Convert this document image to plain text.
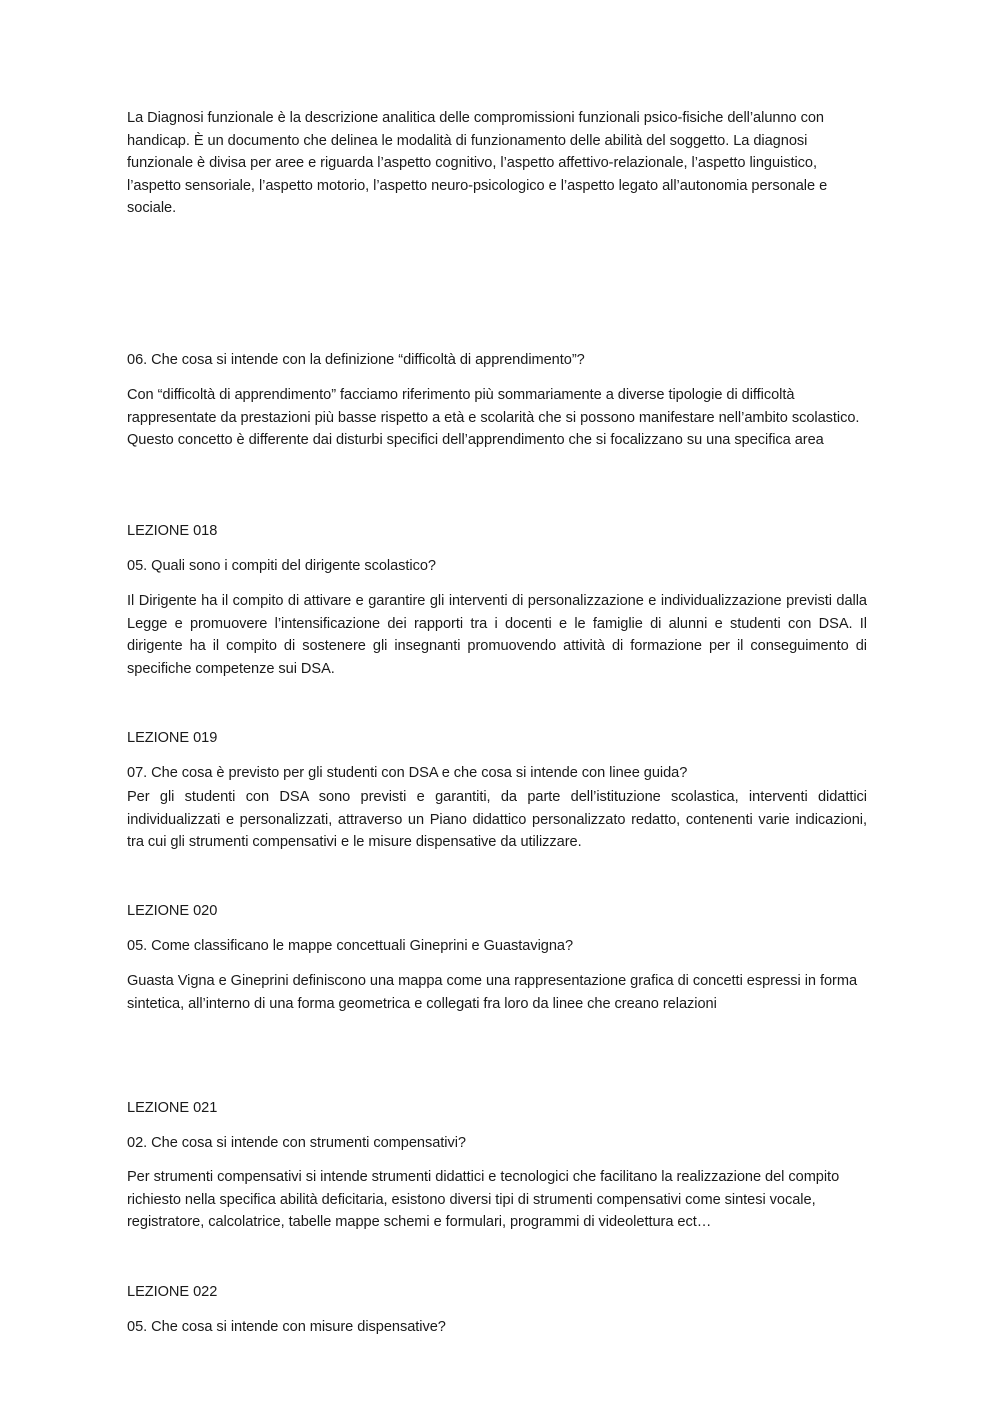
La Diagnosi funzionale è la descrizione analitica delle compromissioni funzionali psico-fisiche dell’alunno con handicap. È un documento che delinea le modalità di funzionamento delle abilità del soggetto. La diagnosi funzionale è divisa per aree e riguarda l’aspetto cognitivo, l’aspetto affettivo-relazionale, l’aspetto linguistico, l’aspetto sensoriale, l’aspetto motorio, l’aspetto neuro-psicologico e l’aspetto legato all’autonomia personale e sociale.

06. Che cosa si intende con la definizione “difficoltà di apprendimento”?

Con “difficoltà di apprendimento” facciamo riferimento più sommariamente a diverse tipologie di difficoltà rappresentate da prestazioni più basse rispetto a età e scolarità che si possono manifestare nell’ambito scolastico. Questo concetto è differente dai disturbi specifici dell’apprendimento che si focalizzano su una specifica area

LEZIONE 018

05. Quali sono i compiti del dirigente scolastico?

Il Dirigente ha il compito di attivare e garantire gli interventi di personalizzazione e individualizzazione previsti dalla Legge e promuovere l’intensificazione dei rapporti tra i docenti e le famiglie di alunni e studenti con DSA. Il dirigente ha il compito di sostenere gli insegnanti promuovendo attività di formazione per il conseguimento di specifiche competenze sui DSA.

LEZIONE 019

07. Che cosa è previsto per gli studenti con DSA e che cosa si intende con linee guida?

Per gli studenti con DSA sono previsti e garantiti, da parte dell’istituzione scolastica, interventi didattici individualizzati e personalizzati, attraverso un Piano didattico personalizzato redatto, contenenti varie indicazioni, tra cui gli strumenti compensativi e le misure dispensative da utilizzare.

LEZIONE 020

05. Come classificano le mappe concettuali Gineprini e Guastavigna?

Guasta Vigna e Gineprini definiscono una mappa come una rappresentazione grafica di concetti espressi in forma sintetica, all’interno di una forma geometrica e collegati fra loro da linee che creano relazioni

LEZIONE 021

02. Che cosa si intende con strumenti compensativi?

Per strumenti compensativi si intende strumenti didattici e tecnologici che facilitano la realizzazione del compito richiesto nella specifica abilità deficitaria, esistono diversi tipi di strumenti compensativi come sintesi vocale, registratore, calcolatrice, tabelle mappe schemi e formulari, programmi di videolettura ect…

LEZIONE 022

05. Che cosa si intende con misure dispensative?
